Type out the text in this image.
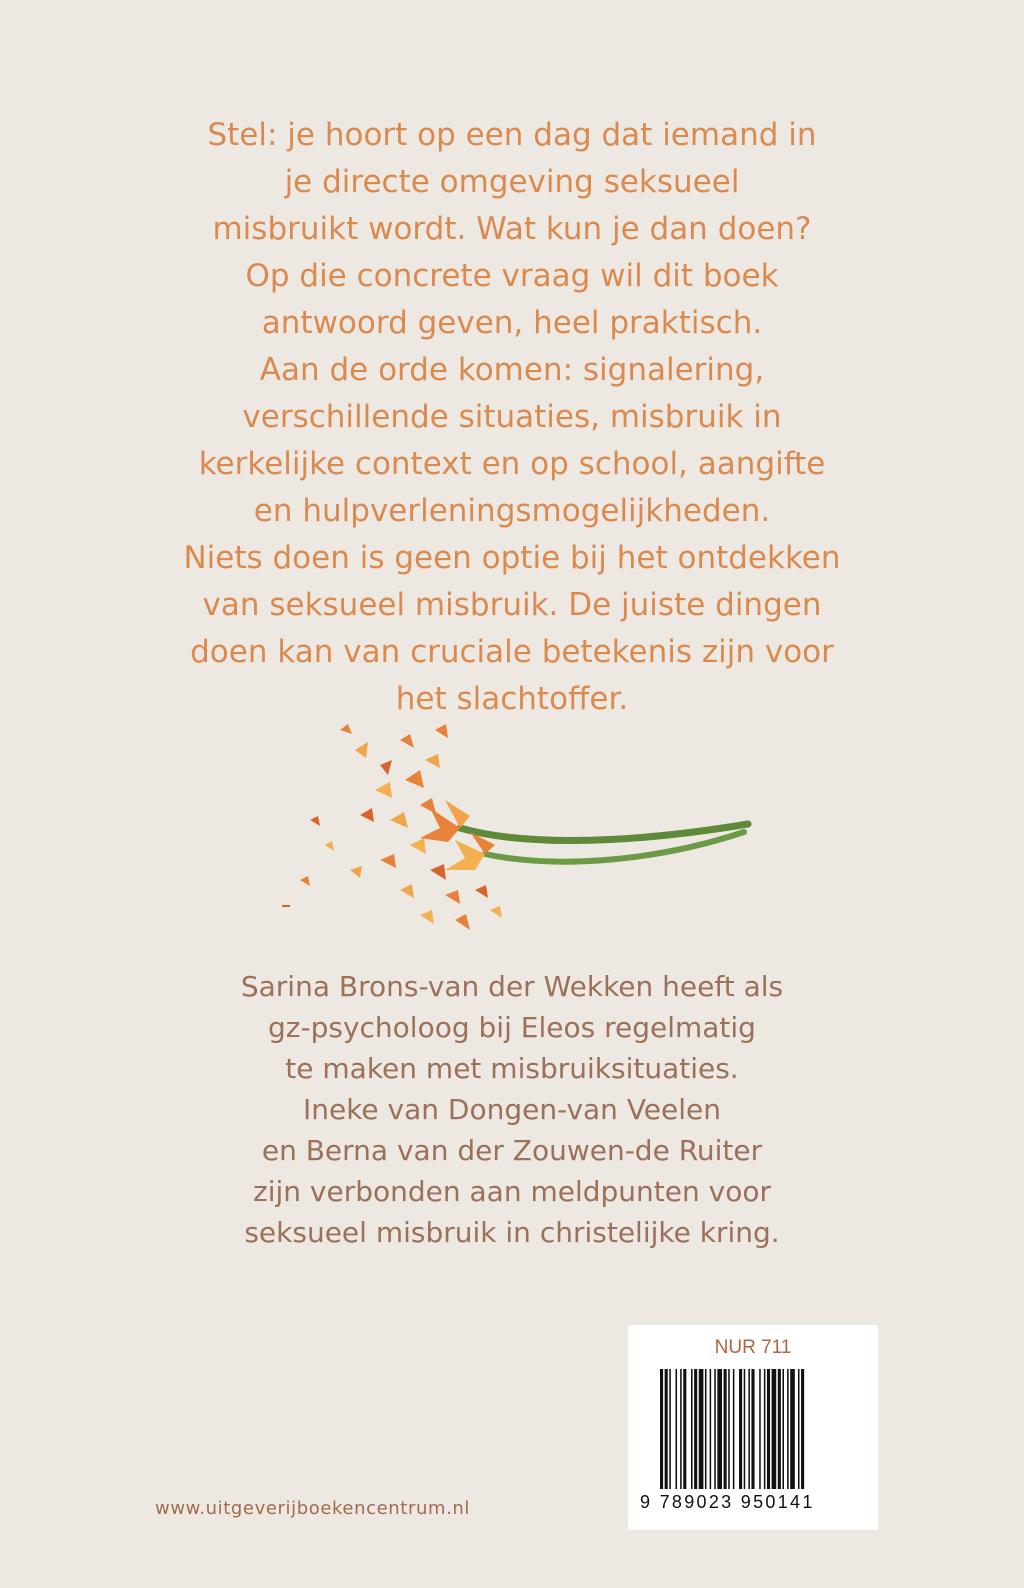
Stel: je hoort op een dag dat iemand in

je directe omgeving seksueel

misbruikt wordt. Wat kun je dan doen?

Op die concrete vraag wil dit boek

antwoord geven, heel praktisch.

Aan de orde komen: signalering,

verschillende situaties, misbruik in

kerkelijke context en op school, aangifte

en hulpverleningsmogelijkheden.

Niets doen is geen optie bij het ontdekken

van seksueel misbruik. De juiste dingen

doen kan van cruciale betekenis zijn voor

het slachtoffer.

Sarina Brons-van der Wekken heeft als

gz-psycholoog bij Eleos regelmatig

te maken met misbruiksituaties.

Ineke van Dongen-van Veelen

en Berna van der Zouwen-de Ruiter

zijn verbonden aan meldpunten voor

seksueel misbruik in christelijke kring.

www.uitgeverijboekencentrum.nl
NUR 711
9 789023 950141
